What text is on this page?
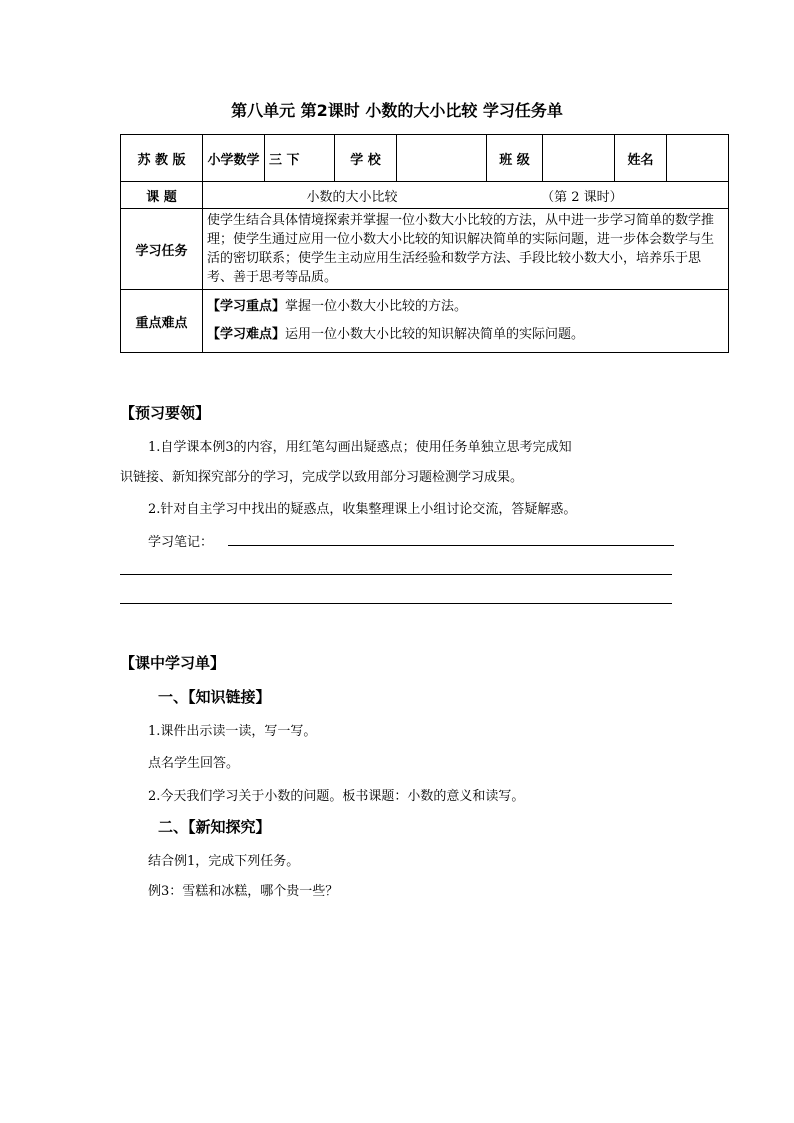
第八单元 第2课时 小数的大小比较 学习任务单
苏 教 版	小学数学	三 下	学 校		班 级		姓名	
课 题	小数的大小比较 （第 2 课时）							
学习任务	使学生结合具体情境探索并掌握一位小数大小比较的方法，从中进一步学习简单的数学推理；使学生通过应用一位小数大小比较的知识解决简单的实际问题，进一步体会数学与生活的密切联系；使学生主动应用生活经验和数学方法、手段比较小数大小，培养乐于思考、善于思考等品质。							
重点难点	【学习重点】掌握一位小数大小比较的方法。
【学习难点】运用一位小数大小比较的知识解决简单的实际问题。							
【预习要领】
1.自学课本例3的内容，用红笔勾画出疑惑点；使用任务单独立思考完成知
识链接、新知探究部分的学习，完成学以致用部分习题检测学习成果。
2.针对自主学习中找出的疑惑点，收集整理课上小组讨论交流，答疑解惑。
学习笔记：
【课中学习单】
一、【知识链接】
1.课件出示读一读，写一写。
点名学生回答。
2.今天我们学习关于小数的问题。板书课题：小数的意义和读写。
二、【新知探究】
结合例1，完成下列任务。
例3：雪糕和冰糕，哪个贵一些？
